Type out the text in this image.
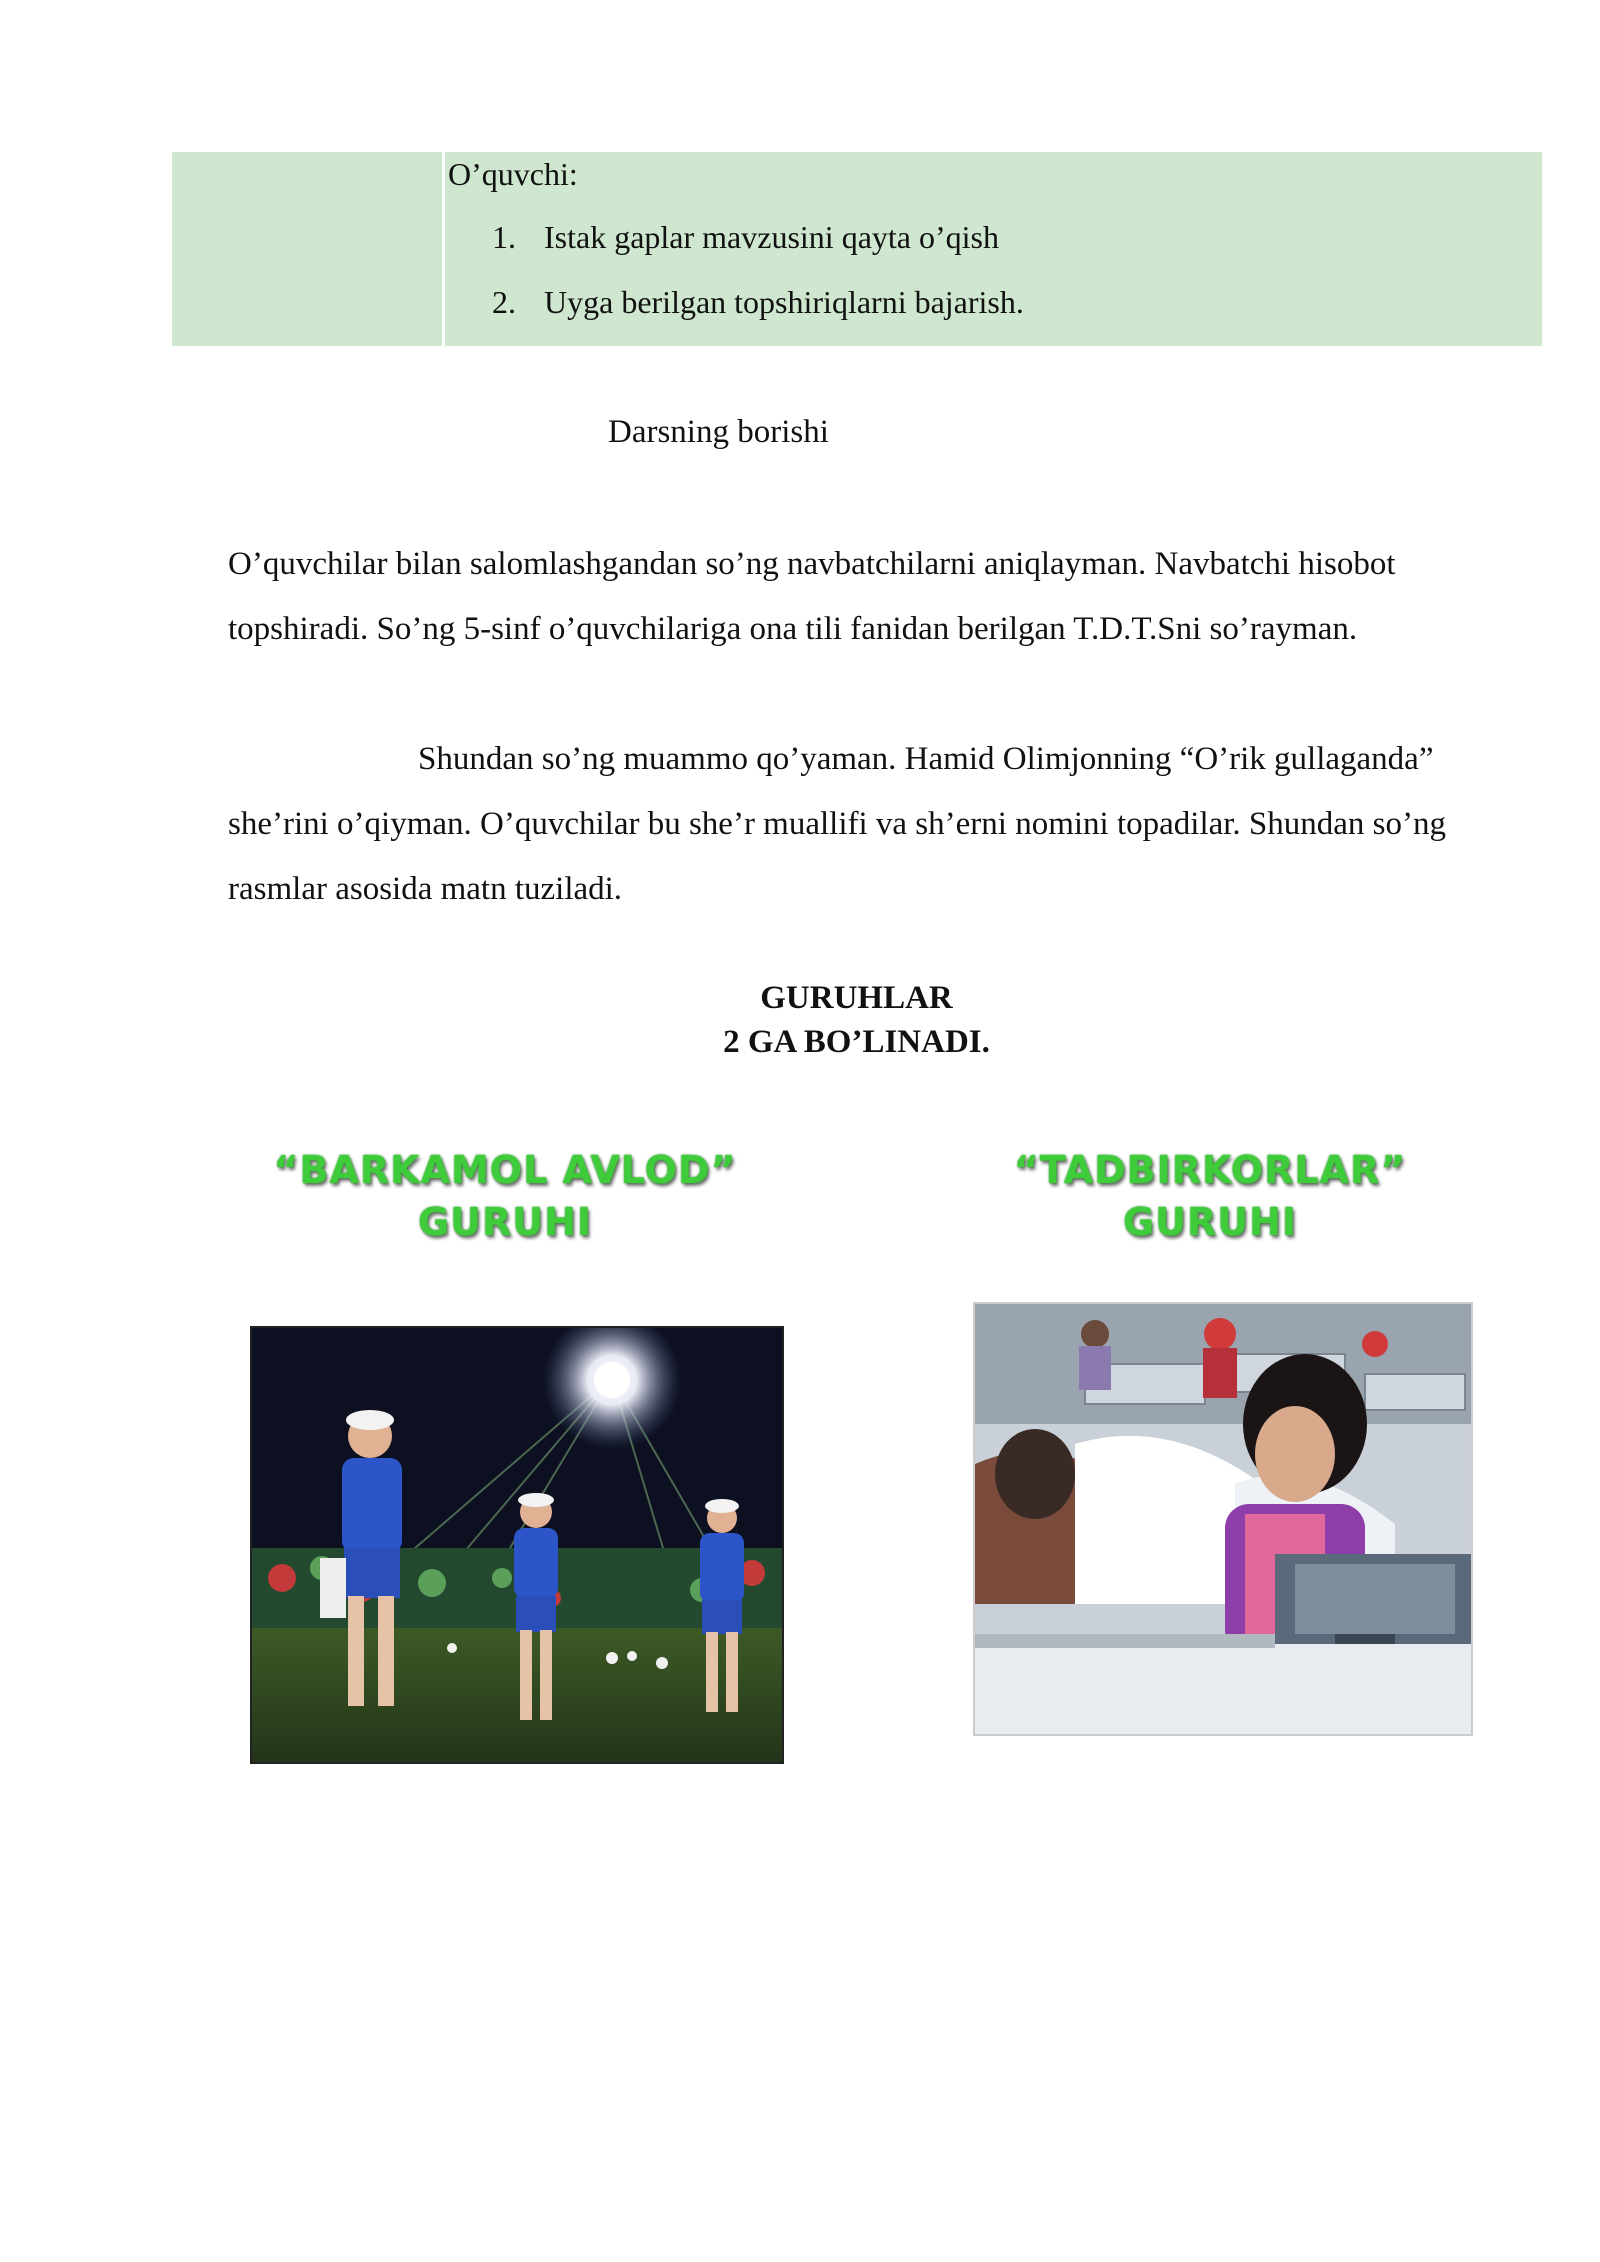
O’quvchi:
1. Istak gaplar mavzusini qayta o’qish
2. Uyga berilgan topshiriqlarni bajarish.
Darsning borishi
O’quvchilar bilan salomlashgandan so’ng navbatchilarni aniqlayman. Navbatchi hisobot topshiradi. So’ng 5-sinf o’quvchilariga ona tili fanidan berilgan T.D.T.Sni so’rayman.
Shundan so’ng muammo qo’yaman. Hamid Olimjonning “O’rik gullaganda” she’rini o’qiyman. O’quvchilar bu she’r muallifi va sh’erni nomini topadilar. Shundan so’ng rasmlar asosida matn tuziladi.
GURUHLAR
2 GA BO’LINADI.
“BARKAMOL AVLOD”
GURUHI
“TADBIRKORLAR”
GURUHI
